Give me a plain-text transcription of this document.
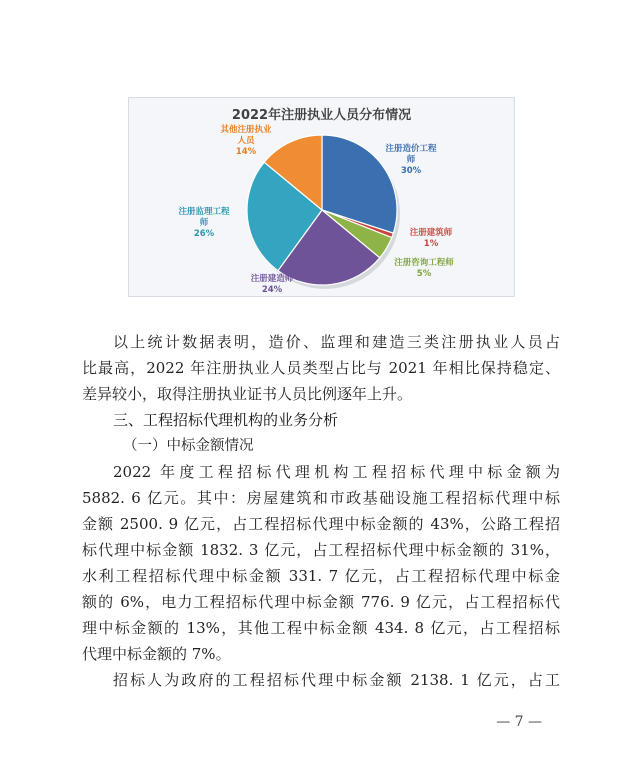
注册造价工程
师
30%
注册建筑师
1%
注册咨询工程师
5%
注册建造师
24%
注册监理工程
师
26%
其他注册执业
人员
14%
2022年注册执业人员分布情况
以上统计数据表明，造价、监理和建造三类注册执业人员占
比最高，2022 年注册执业人员类型占比与 2021 年相比保持稳定、
差异较小，取得注册执业证书人员比例逐年上升。
三、工程招标代理机构的业务分析
（一）中标金额情况
2022 年度工程招标代理机构工程招标代理中标金额为
5882. 6 亿元。其中：房屋建筑和市政基础设施工程招标代理中标
金额 2500. 9 亿元，占工程招标代理中标金额的 43%，公路工程招
标代理中标金额 1832. 3 亿元，占工程招标代理中标金额的 31%，
水利工程招标代理中标金额 331. 7 亿元，占工程招标代理中标金
额的 6%，电力工程招标代理中标金额 776. 9 亿元，占工程招标代
理中标金额的 13%，其他工程中标金额 434. 8 亿元，占工程招标
代理中标金额的 7%。
招标人为政府的工程招标代理中标金额 2138. 1 亿元，占工
— 7 —
